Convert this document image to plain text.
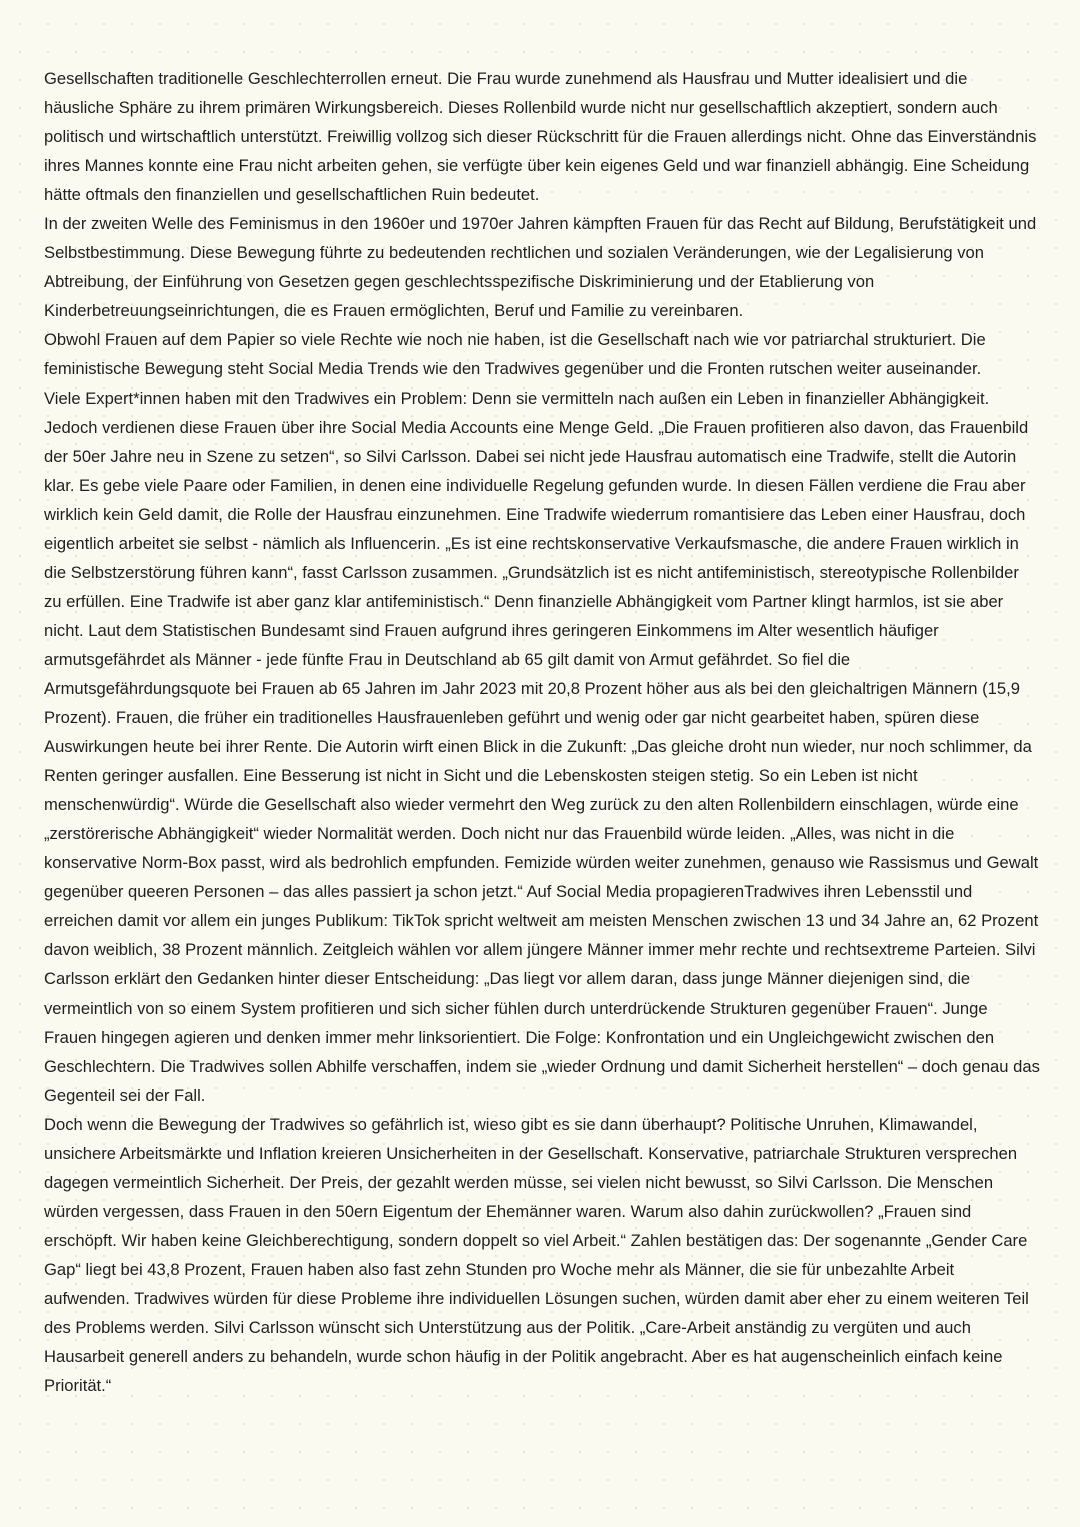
Gesellschaften traditionelle Geschlechterrollen erneut. Die Frau wurde zunehmend als Hausfrau und Mutter idealisiert und die häusliche Sphäre zu ihrem primären Wirkungsbereich. Dieses Rollenbild wurde nicht nur gesellschaftlich akzeptiert, sondern auch politisch und wirtschaftlich unterstützt. Freiwillig vollzog sich dieser Rückschritt für die Frauen allerdings nicht. Ohne das Einverständnis ihres Mannes konnte eine Frau nicht arbeiten gehen, sie verfügte über kein eigenes Geld und war finanziell abhängig. Eine Scheidung hätte oftmals den finanziellen und gesellschaftlichen Ruin bedeutet.

In der zweiten Welle des Feminismus in den 1960er und 1970er Jahren kämpften Frauen für das Recht auf Bildung, Berufstätigkeit und Selbstbestimmung. Diese Bewegung führte zu bedeutenden rechtlichen und sozialen Veränderungen, wie der Legalisierung von Abtreibung, der Einführung von Gesetzen gegen geschlechtsspezifische Diskriminierung und der Etablierung von Kinderbetreuungseinrichtungen, die es Frauen ermöglichten, Beruf und Familie zu vereinbaren.

Obwohl Frauen auf dem Papier so viele Rechte wie noch nie haben, ist die Gesellschaft nach wie vor patriarchal strukturiert. Die feministische Bewegung steht Social Media Trends wie den Tradwives gegenüber und die Fronten rutschen weiter auseinander.

Viele Expert*innen haben mit den Tradwives ein Problem: Denn sie vermitteln nach außen ein Leben in finanzieller Abhängigkeit. Jedoch verdienen diese Frauen über ihre Social Media Accounts eine Menge Geld. „Die Frauen profitieren also davon, das Frauenbild der 50er Jahre neu in Szene zu setzen“, so Silvi Carlsson. Dabei sei nicht jede Hausfrau automatisch eine Tradwife, stellt die Autorin klar. Es gebe viele Paare oder Familien, in denen eine individuelle Regelung gefunden wurde. In diesen Fällen verdiene die Frau aber wirklich kein Geld damit, die Rolle der Hausfrau einzunehmen. Eine Tradwife wiederrum romantisiere das Leben einer Hausfrau, doch eigentlich arbeitet sie selbst - nämlich als Influencerin. „Es ist eine rechtskonservative Verkaufsmasche, die andere Frauen wirklich in die Selbstzerstörung führen kann“, fasst Carlsson zusammen. „Grundsätzlich ist es nicht antifeministisch, stereotypische Rollenbilder zu erfüllen. Eine Tradwife ist aber ganz klar antifeministisch.“ Denn finanzielle Abhängigkeit vom Partner klingt harmlos, ist sie aber nicht. Laut dem Statistischen Bundesamt sind Frauen aufgrund ihres geringeren Einkommens im Alter wesentlich häufiger armutsgefährdet als Männer - jede fünfte Frau in Deutschland ab 65 gilt damit von Armut gefährdet. So fiel die Armutsgefährdungsquote bei Frauen ab 65 Jahren im Jahr 2023 mit 20,8 Prozent höher aus als bei den gleichaltrigen Männern (15,9 Prozent). Frauen, die früher ein traditionelles Hausfrauenleben geführt und wenig oder gar nicht gearbeitet haben, spüren diese Auswirkungen heute bei ihrer Rente. Die Autorin wirft einen Blick in die Zukunft: „Das gleiche droht nun wieder, nur noch schlimmer, da Renten geringer ausfallen. Eine Besserung ist nicht in Sicht und die Lebenskosten steigen stetig. So ein Leben ist nicht menschenwürdig“. Würde die Gesellschaft also wieder vermehrt den Weg zurück zu den alten Rollenbildern einschlagen, würde eine „zerstörerische Abhängigkeit“ wieder Normalität werden. Doch nicht nur das Frauenbild würde leiden. „Alles, was nicht in die konservative Norm-Box passt, wird als bedrohlich empfunden. Femizide würden weiter zunehmen, genauso wie Rassismus und Gewalt gegenüber queeren Personen – das alles passiert ja schon jetzt.“ Auf Social Media propagierenTradwives ihren Lebensstil und erreichen damit vor allem ein junges Publikum: TikTok spricht weltweit am meisten Menschen zwischen 13 und 34 Jahre an, 62 Prozent davon weiblich, 38 Prozent männlich. Zeitgleich wählen vor allem jüngere Männer immer mehr rechte und rechtsextreme Parteien. Silvi Carlsson erklärt den Gedanken hinter dieser Entscheidung: „Das liegt vor allem daran, dass junge Männer diejenigen sind, die vermeintlich von so einem System profitieren und sich sicher fühlen durch unterdrückende Strukturen gegenüber Frauen“. Junge Frauen hingegen agieren und denken immer mehr linksorientiert. Die Folge: Konfrontation und ein Ungleichgewicht zwischen den Geschlechtern. Die Tradwives sollen Abhilfe verschaffen, indem sie „wieder Ordnung und damit Sicherheit herstellen“ – doch genau das Gegenteil sei der Fall.

Doch wenn die Bewegung der Tradwives so gefährlich ist, wieso gibt es sie dann überhaupt? Politische Unruhen, Klimawandel, unsichere Arbeitsmärkte und Inflation kreieren Unsicherheiten in der Gesellschaft. Konservative, patriarchale Strukturen versprechen dagegen vermeintlich Sicherheit. Der Preis, der gezahlt werden müsse, sei vielen nicht bewusst, so Silvi Carlsson. Die Menschen würden vergessen, dass Frauen in den 50ern Eigentum der Ehemänner waren. Warum also dahin zurückwollen? „Frauen sind erschöpft. Wir haben keine Gleichberechtigung, sondern doppelt so viel Arbeit.“ Zahlen bestätigen das: Der sogenannte „Gender Care Gap“ liegt bei 43,8 Prozent, Frauen haben also fast zehn Stunden pro Woche mehr als Männer, die sie für unbezahlte Arbeit aufwenden. Tradwives würden für diese Probleme ihre individuellen Lösungen suchen, würden damit aber eher zu einem weiteren Teil des Problems werden. Silvi Carlsson wünscht sich Unterstützung aus der Politik. „Care-Arbeit anständig zu vergüten und auch Hausarbeit generell anders zu behandeln, wurde schon häufig in der Politik angebracht. Aber es hat augenscheinlich einfach keine Priorität.“
